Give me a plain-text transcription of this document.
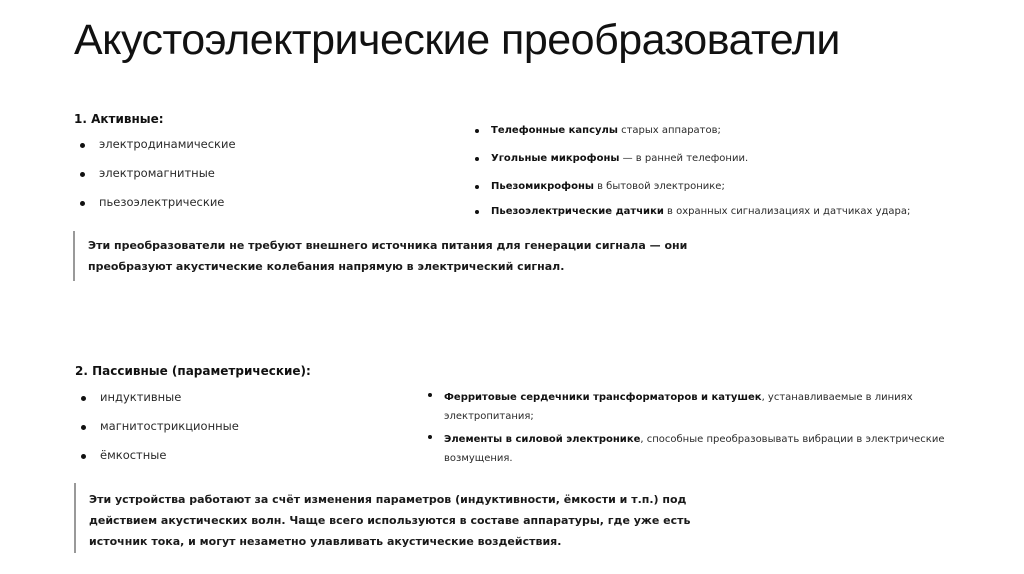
Акустоэлектрические преобразователи
1. Активные:
электродинамические
электромагнитные
пьезоэлектрические
Телефонные капсулы старых аппаратов;
Угольные микрофоны — в ранней телефонии.
Пьезомикрофоны в бытовой электронике;
Пьезоэлектрические датчики в охранных сигнализациях и датчиках удара;

Эти преобразователи не требуют внешнего источника питания для генерации сигнала — они

преобразуют акустические колебания напрямую в электрический сигнал.

2. Пассивные (параметрические):
индуктивные
магнитострикционные
ёмкостные
Ферритовые сердечники трансформаторов и катушек, устанавливаемые в линиях
электропитания;
Элементы в силовой электронике, способные преобразовывать вибрации в электрические
возмущения.

Эти устройства работают за счёт изменения параметров (индуктивности, ёмкости и т.п.) под

действием акустических волн. Чаще всего используются в составе аппаратуры, где уже есть

источник тока, и могут незаметно улавливать акустические воздействия.
